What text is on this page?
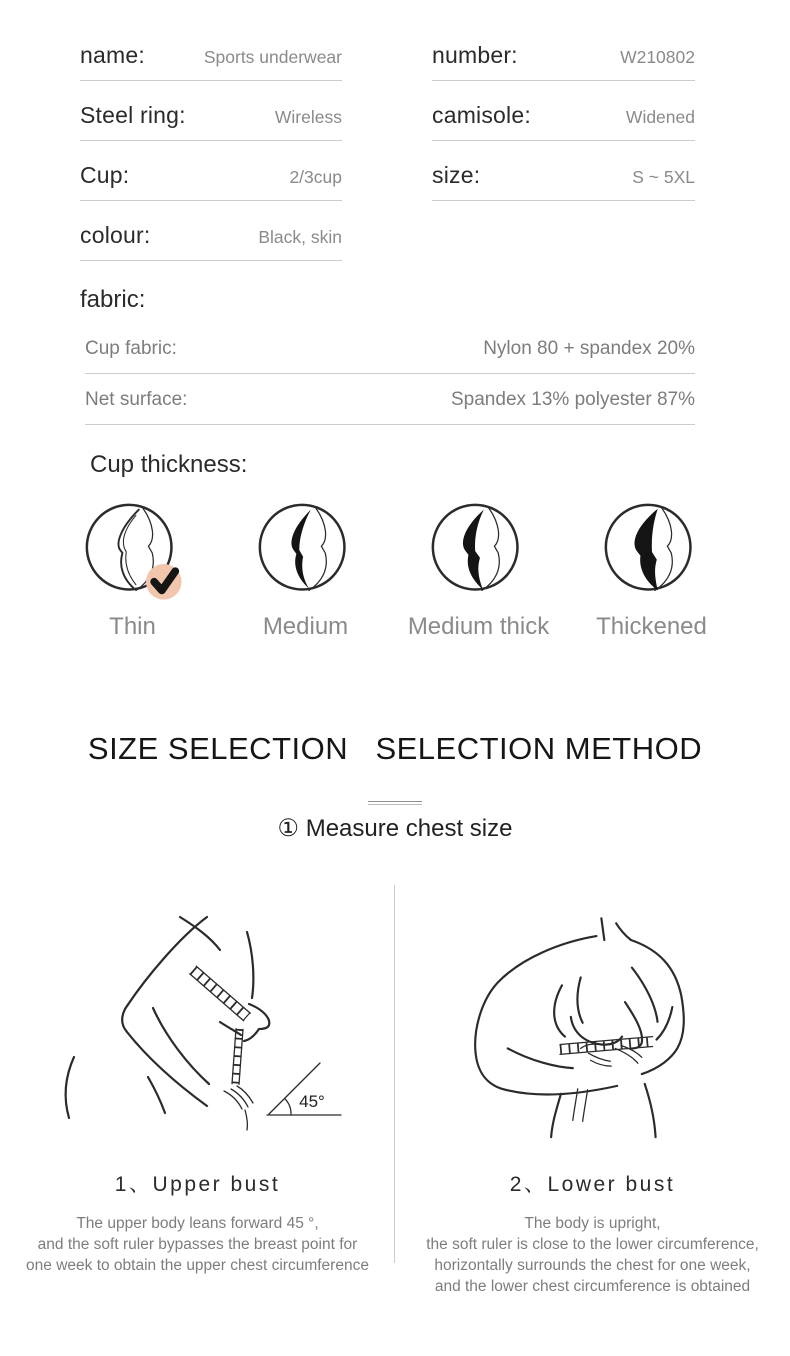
name:	Sports underwear
Steel ring:	Wireless
Cup:	2/3cup
colour:	Black, skin
number:	W210802
camisole:	Widened
size:	S ~ 5XL
fabric:
Cup fabric:	Nylon 80 + spandex 20%
Net surface:	Spandex 13% polyester 87%
Cup thickness:
Thin	Medium Medium thick Thickened
SIZE SELECTION   SELECTION METHOD
① Measure chest size
45°
1、Upper bust
The upper body leans forward 45 °,
and the soft ruler bypasses the breast point for
one week to obtain the upper chest circumference
2、Lower bust
The body is upright,
the soft ruler is close to the lower circumference,
horizontally surrounds the chest for one week,
and the lower chest circumference is obtained
